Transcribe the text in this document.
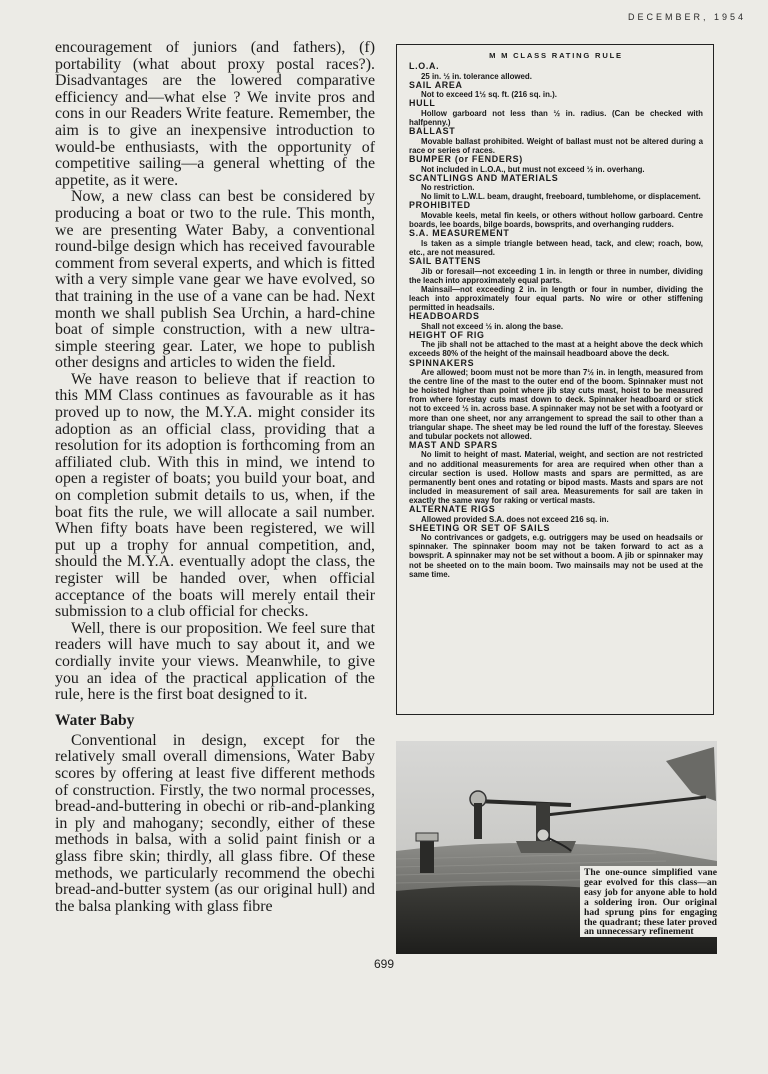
DECEMBER, 1954

encouragement of juniors (and fathers), (f) portability (what about proxy postal races?). Disadvantages are the lowered comparative efficiency and—what else ? We invite pros and cons in our Readers Write feature. Remember, the aim is to give an inexpensive introduction to would-be enthusiasts, with the opportunity of competitive sailing—a general whetting of the appetite, as it were.

Now, a new class can best be considered by producing a boat or two to the rule. This month, we are presenting Water Baby, a conventional round-bilge design which has received favourable comment from several experts, and which is fitted with a very simple vane gear we have evolved, so that training in the use of a vane can be had. Next month we shall publish Sea Urchin, a hard-chine boat of simple construction, with a new ultra-simple steering gear. Later, we hope to publish other designs and articles to widen the field.

We have reason to believe that if reaction to this MM Class continues as favourable as it has proved up to now, the M.Y.A. might consider its adoption as an official class, providing that a resolution for its adoption is forthcoming from an affiliated club. With this in mind, we intend to open a register of boats; you build your boat, and on completion submit details to us, when, if the boat fits the rule, we will allocate a sail number. When fifty boats have been registered, we will put up a trophy for annual competition, and, should the M.Y.A. eventually adopt the class, the register will be handed over, when official acceptance of the boats will merely entail their submission to a club official for checks.

Well, there is our proposition. We feel sure that readers will have much to say about it, and we cordially invite your views. Meanwhile, to give you an idea of the practical application of the rule, here is the first boat designed to it.

Water Baby

Conventional in design, except for the relatively small overall dimensions, Water Baby scores by offering at least five different methods of construction. Firstly, the two normal processes, bread-and-buttering in obechi or rib-and-planking in ply and mahogany; secondly, either of these methods in balsa, with a solid paint finish or a glass fibre skin; thirdly, all glass fibre. Of these methods, we particularly recommend the obechi bread-and-butter system (as our original hull) and the balsa planking with glass fibre

M M CLASS RATING RULE
L.O.A.
25 in. ½ in. tolerance allowed.
SAIL AREA
Not to exceed 1½ sq. ft. (216 sq. in.).
HULL
Hollow garboard not less than ½ in. radius. (Can be checked with halfpenny.)
BALLAST
Movable ballast prohibited. Weight of ballast must not be altered during a race or series of races.
BUMPER (or FENDERS)
Not included in L.O.A., but must not exceed ½ in. overhang.
SCANTLINGS AND MATERIALS
No restriction.
No limit to L.W.L. beam, draught, freeboard, tumblehome, or displacement.
PROHIBITED
Movable keels, metal fin keels, or others without hollow garboard. Centre boards, lee boards, bilge boards, bowsprits, and overhanging rudders.
S.A. MEASUREMENT
Is taken as a simple triangle between head, tack, and clew; roach, bow, etc., are not measured.
SAIL BATTENS
Jib or foresail—not exceeding 1 in. in length or three in number, dividing the leach into approximately equal parts.
Mainsail—not exceeding 2 in. in length or four in number, dividing the leach into approximately four equal parts. No wire or other stiffening permitted in headsails.
HEADBOARDS
Shall not exceed ½ in. along the base.
HEIGHT OF RIG
The jib shall not be attached to the mast at a height above the deck which exceeds 80% of the height of the mainsail headboard above the deck.
SPINNAKERS
Are allowed; boom must not be more than 7½ in. in length, measured from the centre line of the mast to the outer end of the boom. Spinnaker must not be hoisted higher than point where jib stay cuts mast, hoist to be measured from where forestay cuts mast down to deck. Spinnaker headboard or stick not to exceed ½ in. across base. A spinnaker may not be set with a footyard or more than one sheet, nor any arrangement to spread the sail to other than a triangular shape. The sheet may be led round the luff of the forestay. Sleeves and tubular pockets not allowed.
MAST AND SPARS
No limit to height of mast. Material, weight, and section are not restricted and no additional measurements for area are required when other than a circular section is used. Hollow masts and spars are permitted, as are permanently bent ones and rotating or bipod masts. Masts and spars are not included in measurement of sail area. Measurements for sail are taken in exactly the same way for raking or vertical masts.
ALTERNATE RIGS
Allowed provided S.A. does not exceed 216 sq. in.
SHEETING OR SET OF SAILS
No contrivances or gadgets, e.g. outriggers may be used on headsails or spinnaker. The spinnaker boom may not be taken forward to act as a bowsprit. A spinnaker may not be set without a boom. A jib or spinnaker may not be sheeted on to the main boom. Two mainsails may not be used at the same time.
The one-ounce simplified vane gear evolved for this class—an easy job for anyone able to hold a soldering iron. Our original had sprung pins for engaging the quadrant; these later proved an unnecessary refinement
699
